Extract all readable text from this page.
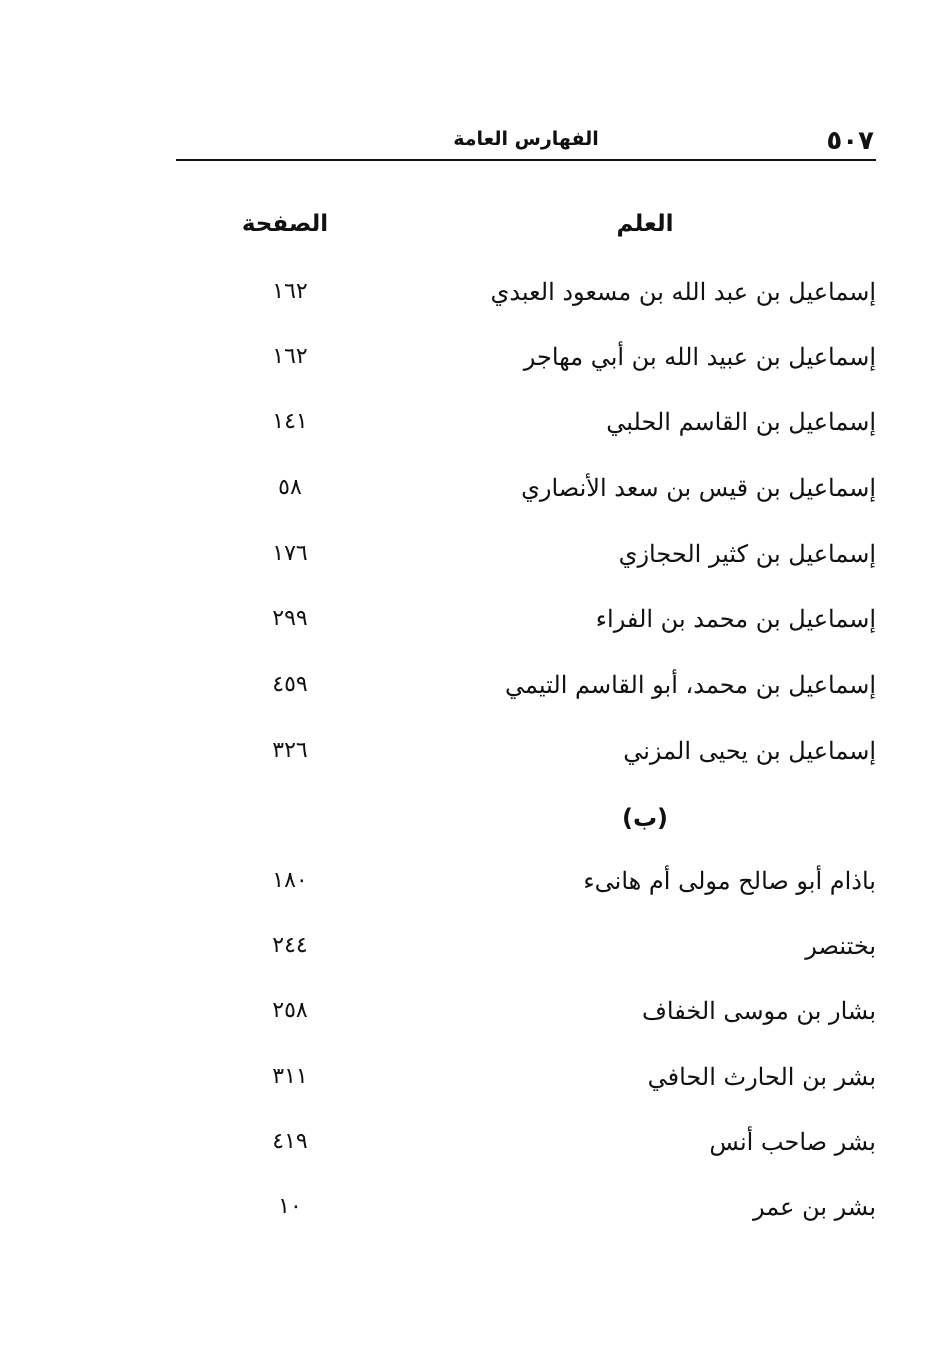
٥٠٧
الفهارس العامة
العلم
الصفحة
إسماعيل بن عبد الله بن مسعود العبدي
١٦٢
إسماعيل بن عبيد الله بن أبي مهاجر
١٦٢
إسماعيل بن القاسم الحلبي
١٤١
إسماعيل بن قيس بن سعد الأنصاري
٥٨
إسماعيل بن كثير الحجازي
١٧٦
إسماعيل بن محمد بن الفراء
٢٩٩
إسماعيل بن محمد، أبو القاسم التيمي
٤٥٩
إسماعيل بن يحيى المزني
٣٢٦
(ب)
باذام أبو صالح مولى أم هانىء
١٨٠
بختنصر
٢٤٤
بشار بن موسى الخفاف
٢٥٨
بشر بن الحارث الحافي
٣١١
بشر صاحب أنس
٤١٩
بشر بن عمر
١٠
